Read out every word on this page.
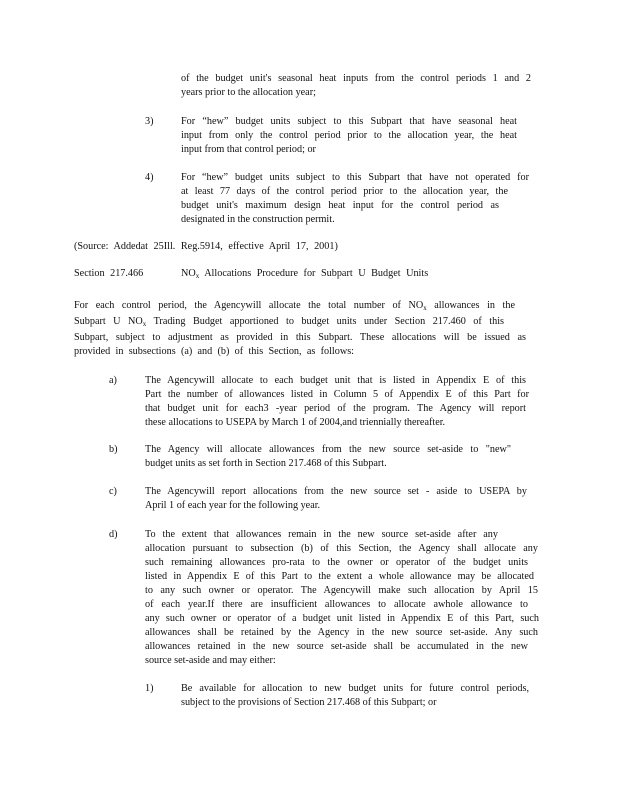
of the budget unit's seasonal heat inputs from the control periods 1 and 2
years prior to the allocation year;
3)	For “hew” budget units subject to this Subpart that have seasonal heat
input from only the control period prior to the allocation year, the heat
input from that control period; or
4)	For “hew” budget units subject to this Subpart that have not operated for
at least 77 days of the control period prior to the allocation year, the
budget unit's maximum design heat input for the control period as
designated in the construction permit.
(Source: Addedat 25Ill. Reg.5914, effective April 17, 2001)
Section 217.466	$NO_x$ Allocations Procedure for Subpart U Budget Units
For each control period, the Agencywill allocate the total number of $NO_x$ allowances in the
Subpart U $NO_x$ Trading Budget apportioned to budget units under Section 217.460 of this
Subpart, subject to adjustment as provided in this Subpart. These allocations will be issued as
provided in subsections (a) and (b) of this Section, as follows:
a)	The Agencywill allocate to each budget unit that is listed in Appendix E of this
Part the number of allowances listed in Column 5 of Appendix E of this Part for
that budget unit for each3 -year period of the program. The Agency will report
these allocations to USEPA by March 1 of 2004,and triennially thereafter.
b)	The Agency will allocate allowances from the new source set-aside to "new"
budget units as set forth in Section 217.468 of this Subpart.
c)	The Agencywill report allocations from the new source set - aside to USEPA by
April 1 of each year for the following year.
d)	To the extent that allowances remain in the new source set-aside after any
allocation pursuant to subsection (b) of this Section, the Agency shall allocate any
such remaining allowances pro-rata to the owner or operator of the budget units
listed in Appendix E of this Part to the extent a whole allowance may be allocated
to any such owner or operator. The Agencywill make such allocation by April 15
of each year.If there are insufficient allowances to allocate awhole allowance to
any such owner or operator of a budget unit listed in Appendix E of this Part, such
allowances shall be retained by the Agency in the new source set-aside. Any such
allowances retained in the new source set-aside shall be accumulated in the new
source set-aside and may either:
1)	Be available for allocation to new budget units for future control periods,
subject to the provisions of Section 217.468 of this Subpart; or
